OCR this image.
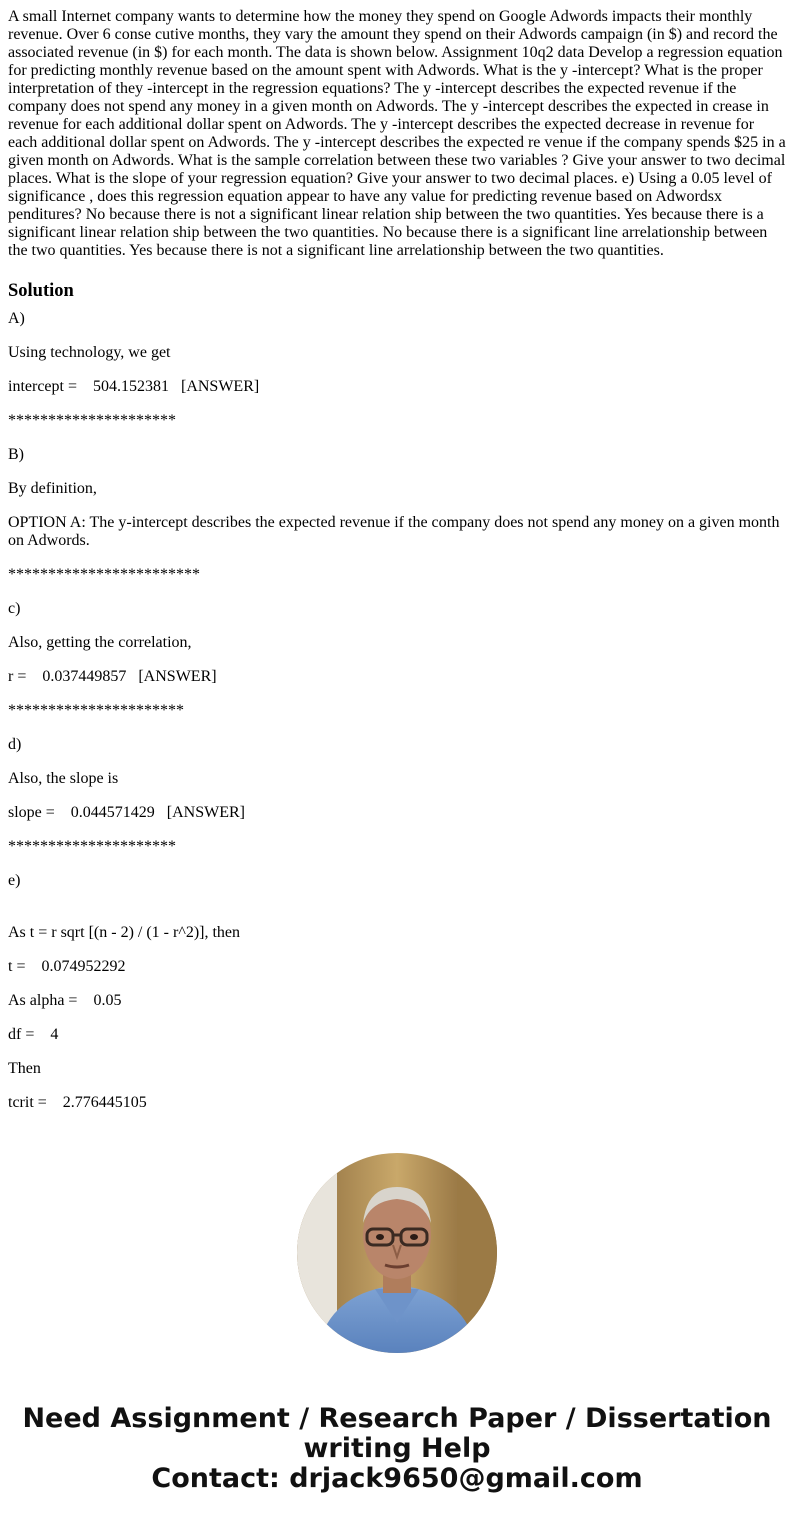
A small Internet company wants to determine how the money they spend on Google Adwords impacts their monthly revenue. Over 6 conse cutive months, they vary the amount they spend on their Adwords campaign (in $) and record the associated revenue (in $) for each month. The data is shown below. Assignment 10q2 data Develop a regression equation for predicting monthly revenue based on the amount spent with Adwords. What is the y -intercept? What is the proper interpretation of they -intercept in the regression equations? The y -intercept describes the expected revenue if the company does not spend any money in a given month on Adwords. The y -intercept describes the expected in crease in revenue for each additional dollar spent on Adwords. The y -intercept describes the expected decrease in revenue for each additional dollar spent on Adwords. The y -intercept describes the expected re venue if the company spends $25 in a given month on Adwords. What is the sample correlation between these two variables ? Give your answer to two decimal places. What is the slope of your regression equation? Give your answer to two decimal places. e) Using a 0.05 level of significance , does this regression equation appear to have any value for predicting revenue based on Adwordsx penditures? No because there is not a significant linear relation ship between the two quantities. Yes because there is a significant linear relation ship between the two quantities. No because there is a significant line arrelationship between the two quantities. Yes because there is not a significant line arrelationship between the two quantities.

Solution

A)

Using technology, we get

intercept =    504.152381   [ANSWER]

*********************

B)

By definition,

OPTION A: The y-intercept describes the expected revenue if the company does not spend any money on a given month on Adwords.

************************

c)

Also, getting the correlation,

r =    0.037449857   [ANSWER]

**********************

d)

Also, the slope is

slope =    0.044571429   [ANSWER]

*********************

e)

As t = r sqrt [(n - 2) / (1 - r^2)], then

t =    0.074952292

As alpha =    0.05

df =    4

Then

tcrit =    2.776445105

Need Assignment / Research Paper / Dissertation
writing Help
Contact: drjack9650@gmail.com
